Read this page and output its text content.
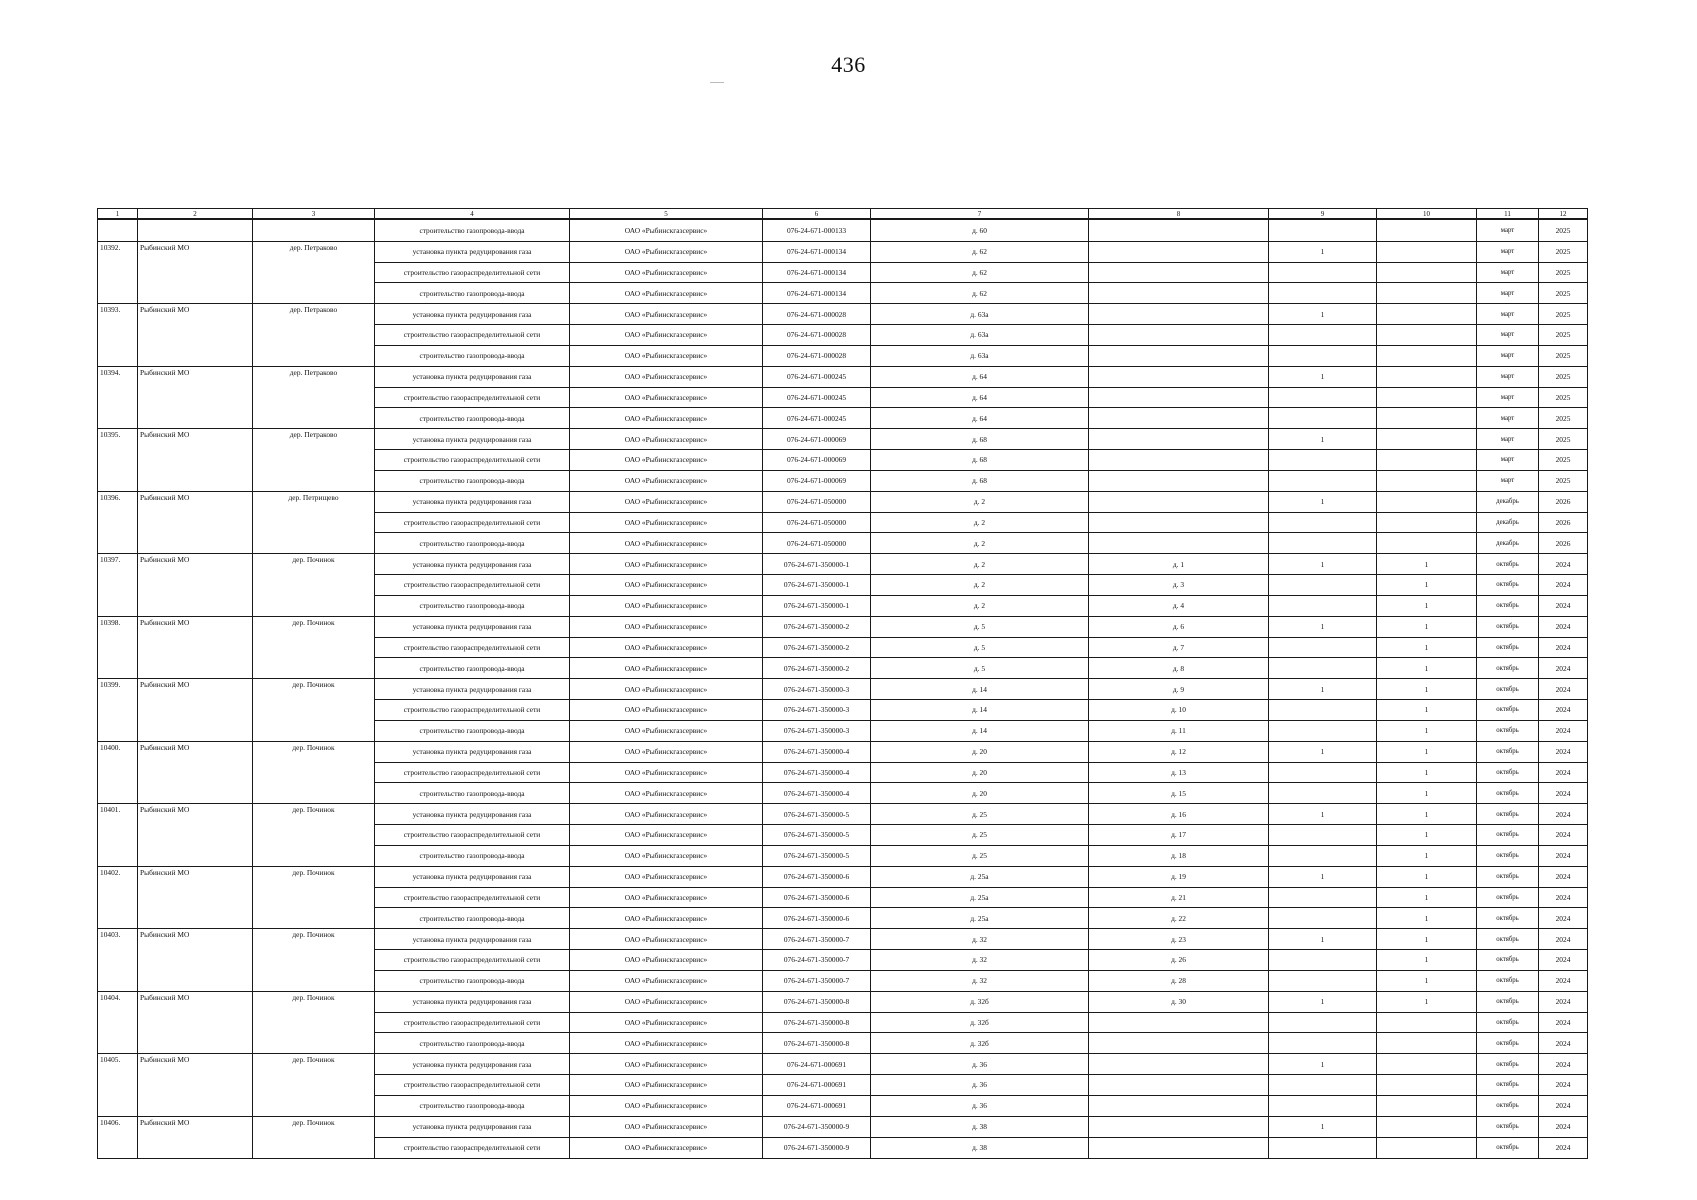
436
1	2	3	4	5	6	7	8	9	10	11	12
			строительство газопровода-ввода	ОАО «Рыбинскгазсервис»	076-24-671-000133	д. 60				март	2025
10392.	Рыбинский МО	дер. Петраково	установка пункта редуцирования газа	ОАО «Рыбинскгазсервис»	076-24-671-000134	д. 62		1		март	2025
			строительство газораспределительной сети	ОАО «Рыбинскгазсервис»	076-24-671-000134	д. 62				март	2025
			строительство газопровода-ввода	ОАО «Рыбинскгазсервис»	076-24-671-000134	д. 62				март	2025
10393.	Рыбинский МО	дер. Петраково	установка пункта редуцирования газа	ОАО «Рыбинскгазсервис»	076-24-671-000028	д. 63а		1		март	2025
			строительство газораспределительной сети	ОАО «Рыбинскгазсервис»	076-24-671-000028	д. 63а				март	2025
			строительство газопровода-ввода	ОАО «Рыбинскгазсервис»	076-24-671-000028	д. 63а				март	2025
10394.	Рыбинский МО	дер. Петраково	установка пункта редуцирования газа	ОАО «Рыбинскгазсервис»	076-24-671-000245	д. 64		1		март	2025
			строительство газораспределительной сети	ОАО «Рыбинскгазсервис»	076-24-671-000245	д. 64				март	2025
			строительство газопровода-ввода	ОАО «Рыбинскгазсервис»	076-24-671-000245	д. 64				март	2025
10395.	Рыбинский МО	дер. Петраково	установка пункта редуцирования газа	ОАО «Рыбинскгазсервис»	076-24-671-000069	д. 68		1		март	2025
			строительство газораспределительной сети	ОАО «Рыбинскгазсервис»	076-24-671-000069	д. 68				март	2025
			строительство газопровода-ввода	ОАО «Рыбинскгазсервис»	076-24-671-000069	д. 68				март	2025
10396.	Рыбинский МО	дер. Петрищево	установка пункта редуцирования газа	ОАО «Рыбинскгазсервис»	076-24-671-050000	д. 2		1		декабрь	2026
			строительство газораспределительной сети	ОАО «Рыбинскгазсервис»	076-24-671-050000	д. 2				декабрь	2026
			строительство газопровода-ввода	ОАО «Рыбинскгазсервис»	076-24-671-050000	д. 2				декабрь	2026
10397.	Рыбинский МО	дер. Починок	установка пункта редуцирования газа	ОАО «Рыбинскгазсервис»	076-24-671-350000-1	д. 2	д. 1	1	1	октябрь	2024
			строительство газораспределительной сети	ОАО «Рыбинскгазсервис»	076-24-671-350000-1	д. 2	д. 3		1	октябрь	2024
			строительство газопровода-ввода	ОАО «Рыбинскгазсервис»	076-24-671-350000-1	д. 2	д. 4		1	октябрь	2024
10398.	Рыбинский МО	дер. Починок	установка пункта редуцирования газа	ОАО «Рыбинскгазсервис»	076-24-671-350000-2	д. 5	д. 6	1	1	октябрь	2024
			строительство газораспределительной сети	ОАО «Рыбинскгазсервис»	076-24-671-350000-2	д. 5	д. 7		1	октябрь	2024
			строительство газопровода-ввода	ОАО «Рыбинскгазсервис»	076-24-671-350000-2	д. 5	д. 8		1	октябрь	2024
10399.	Рыбинский МО	дер. Починок	установка пункта редуцирования газа	ОАО «Рыбинскгазсервис»	076-24-671-350000-3	д. 14	д. 9	1	1	октябрь	2024
			строительство газораспределительной сети	ОАО «Рыбинскгазсервис»	076-24-671-350000-3	д. 14	д. 10		1	октябрь	2024
			строительство газопровода-ввода	ОАО «Рыбинскгазсервис»	076-24-671-350000-3	д. 14	д. 11		1	октябрь	2024
10400.	Рыбинский МО	дер. Починок	установка пункта редуцирования газа	ОАО «Рыбинскгазсервис»	076-24-671-350000-4	д. 20	д. 12	1	1	октябрь	2024
			строительство газораспределительной сети	ОАО «Рыбинскгазсервис»	076-24-671-350000-4	д. 20	д. 13		1	октябрь	2024
			строительство газопровода-ввода	ОАО «Рыбинскгазсервис»	076-24-671-350000-4	д. 20	д. 15		1	октябрь	2024
10401.	Рыбинский МО	дер. Починок	установка пункта редуцирования газа	ОАО «Рыбинскгазсервис»	076-24-671-350000-5	д. 25	д. 16	1	1	октябрь	2024
			строительство газораспределительной сети	ОАО «Рыбинскгазсервис»	076-24-671-350000-5	д. 25	д. 17		1	октябрь	2024
			строительство газопровода-ввода	ОАО «Рыбинскгазсервис»	076-24-671-350000-5	д. 25	д. 18		1	октябрь	2024
10402.	Рыбинский МО	дер. Починок	установка пункта редуцирования газа	ОАО «Рыбинскгазсервис»	076-24-671-350000-6	д. 25а	д. 19	1	1	октябрь	2024
			строительство газораспределительной сети	ОАО «Рыбинскгазсервис»	076-24-671-350000-6	д. 25а	д. 21		1	октябрь	2024
			строительство газопровода-ввода	ОАО «Рыбинскгазсервис»	076-24-671-350000-6	д. 25а	д. 22		1	октябрь	2024
10403.	Рыбинский МО	дер. Починок	установка пункта редуцирования газа	ОАО «Рыбинскгазсервис»	076-24-671-350000-7	д. 32	д. 23	1	1	октябрь	2024
			строительство газораспределительной сети	ОАО «Рыбинскгазсервис»	076-24-671-350000-7	д. 32	д. 26		1	октябрь	2024
			строительство газопровода-ввода	ОАО «Рыбинскгазсервис»	076-24-671-350000-7	д. 32	д. 28		1	октябрь	2024
10404.	Рыбинский МО	дер. Починок	установка пункта редуцирования газа	ОАО «Рыбинскгазсервис»	076-24-671-350000-8	д. 32б	д. 30	1	1	октябрь	2024
			строительство газораспределительной сети	ОАО «Рыбинскгазсервис»	076-24-671-350000-8	д. 32б				октябрь	2024
			строительство газопровода-ввода	ОАО «Рыбинскгазсервис»	076-24-671-350000-8	д. 32б				октябрь	2024
10405.	Рыбинский МО	дер. Починок	установка пункта редуцирования газа	ОАО «Рыбинскгазсервис»	076-24-671-000691	д. 36		1		октябрь	2024
			строительство газораспределительной сети	ОАО «Рыбинскгазсервис»	076-24-671-000691	д. 36				октябрь	2024
			строительство газопровода-ввода	ОАО «Рыбинскгазсервис»	076-24-671-000691	д. 36				октябрь	2024
10406.	Рыбинский МО	дер. Починок	установка пункта редуцирования газа	ОАО «Рыбинскгазсервис»	076-24-671-350000-9	д. 38		1		октябрь	2024
			строительство газораспределительной сети	ОАО «Рыбинскгазсервис»	076-24-671-350000-9	д. 38				октябрь	2024
